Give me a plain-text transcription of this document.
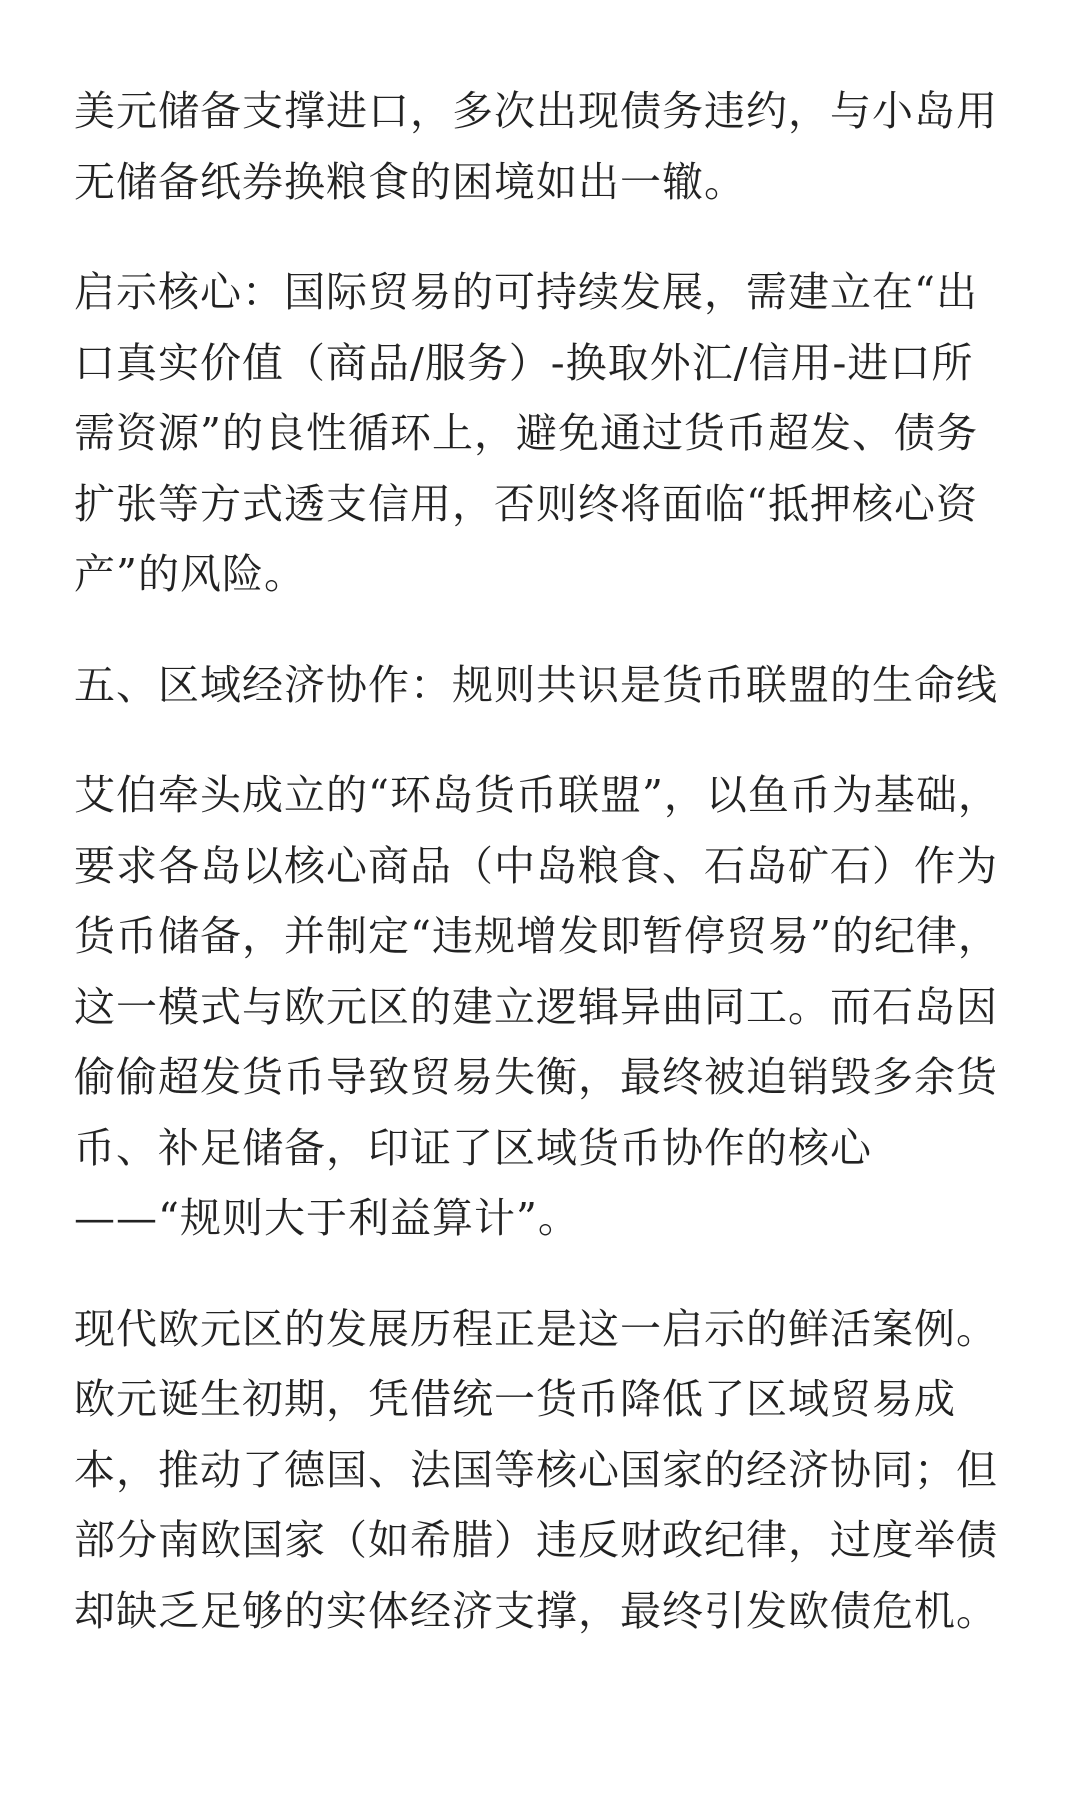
美元储备支撑进口，多次出现债务违约，与小岛用无储备纸券换粮食的困境如出一辙。

启示核心：国际贸易的可持续发展，需建立在“出口真实价值（商品/服务）-换取外汇/信用-进口所需资源”的良性循环上，避免通过货币超发、债务扩张等方式透支信用，否则终将面临“抵押核心资产”的风险。

五、区域经济协作：规则共识是货币联盟的生命线

艾伯牵头成立的“环岛货币联盟”，以鱼币为基础，要求各岛以核心商品（中岛粮食、石岛矿石）作为货币储备，并制定“违规增发即暂停贸易”的纪律，这一模式与欧元区的建立逻辑异曲同工。而石岛因偷偷超发货币导致贸易失衡，最终被迫销毁多余货币、补足储备，印证了区域货币协作的核心——“规则大于利益算计”。

现代欧元区的发展历程正是这一启示的鲜活案例。欧元诞生初期，凭借统一货币降低了区域贸易成本，推动了德国、法国等核心国家的经济协同；但部分南欧国家（如希腊）违反财政纪律，过度举债却缺乏足够的实体经济支撑，最终引发欧债危机。
